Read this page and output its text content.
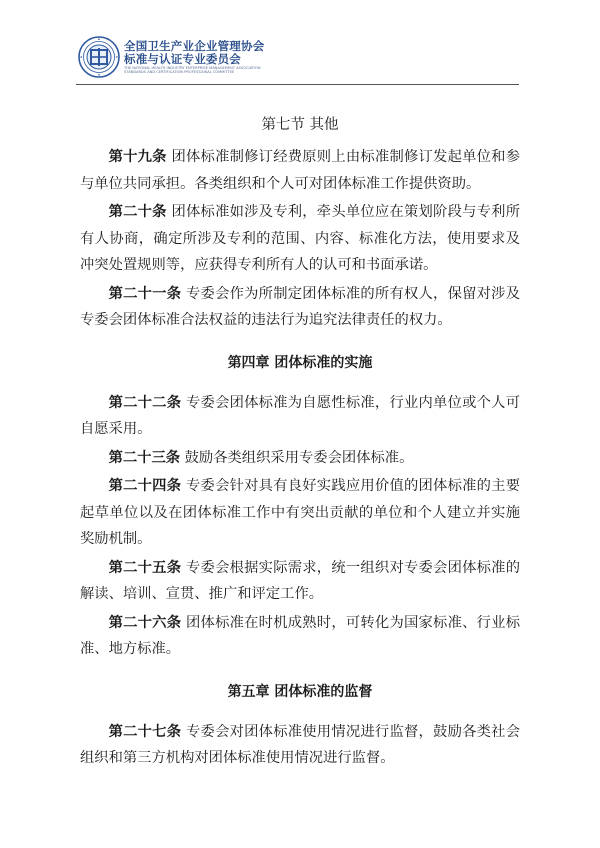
全国卫生产业企业管理协会
标准与认证专业委员会
THE NATIONAL HEALTH INDUSTRY ENTERPRISE MANAGEMENT ASSOCIATION
STANDARDS AND CERTIFICATION PROFESSIONAL COMMITTEE
第七节 其他

第十九条 团体标准制修订经费原则上由标准制修订发起单位和参与单位共同承担。各类组织和个人可对团体标准工作提供资助。

第二十条 团体标准如涉及专利，牵头单位应在策划阶段与专利所有人协商，确定所涉及专利的范围、内容、标准化方法，使用要求及冲突处置规则等，应获得专利所有人的认可和书面承诺。

第二十一条 专委会作为所制定团体标准的所有权人，保留对涉及专委会团体标准合法权益的违法行为追究法律责任的权力。

第四章 团体标准的实施

第二十二条 专委会团体标准为自愿性标准，行业内单位或个人可自愿采用。

第二十三条 鼓励各类组织采用专委会团体标准。

第二十四条 专委会针对具有良好实践应用价值的团体标准的主要起草单位以及在团体标准工作中有突出贡献的单位和个人建立并实施奖励机制。

第二十五条 专委会根据实际需求，统一组织对专委会团体标准的解读、培训、宣贯、推广和评定工作。

第二十六条 团体标准在时机成熟时，可转化为国家标准、行业标准、地方标准。

第五章 团体标准的监督

第二十七条 专委会对团体标准使用情况进行监督，鼓励各类社会组织和第三方机构对团体标准使用情况进行监督。
